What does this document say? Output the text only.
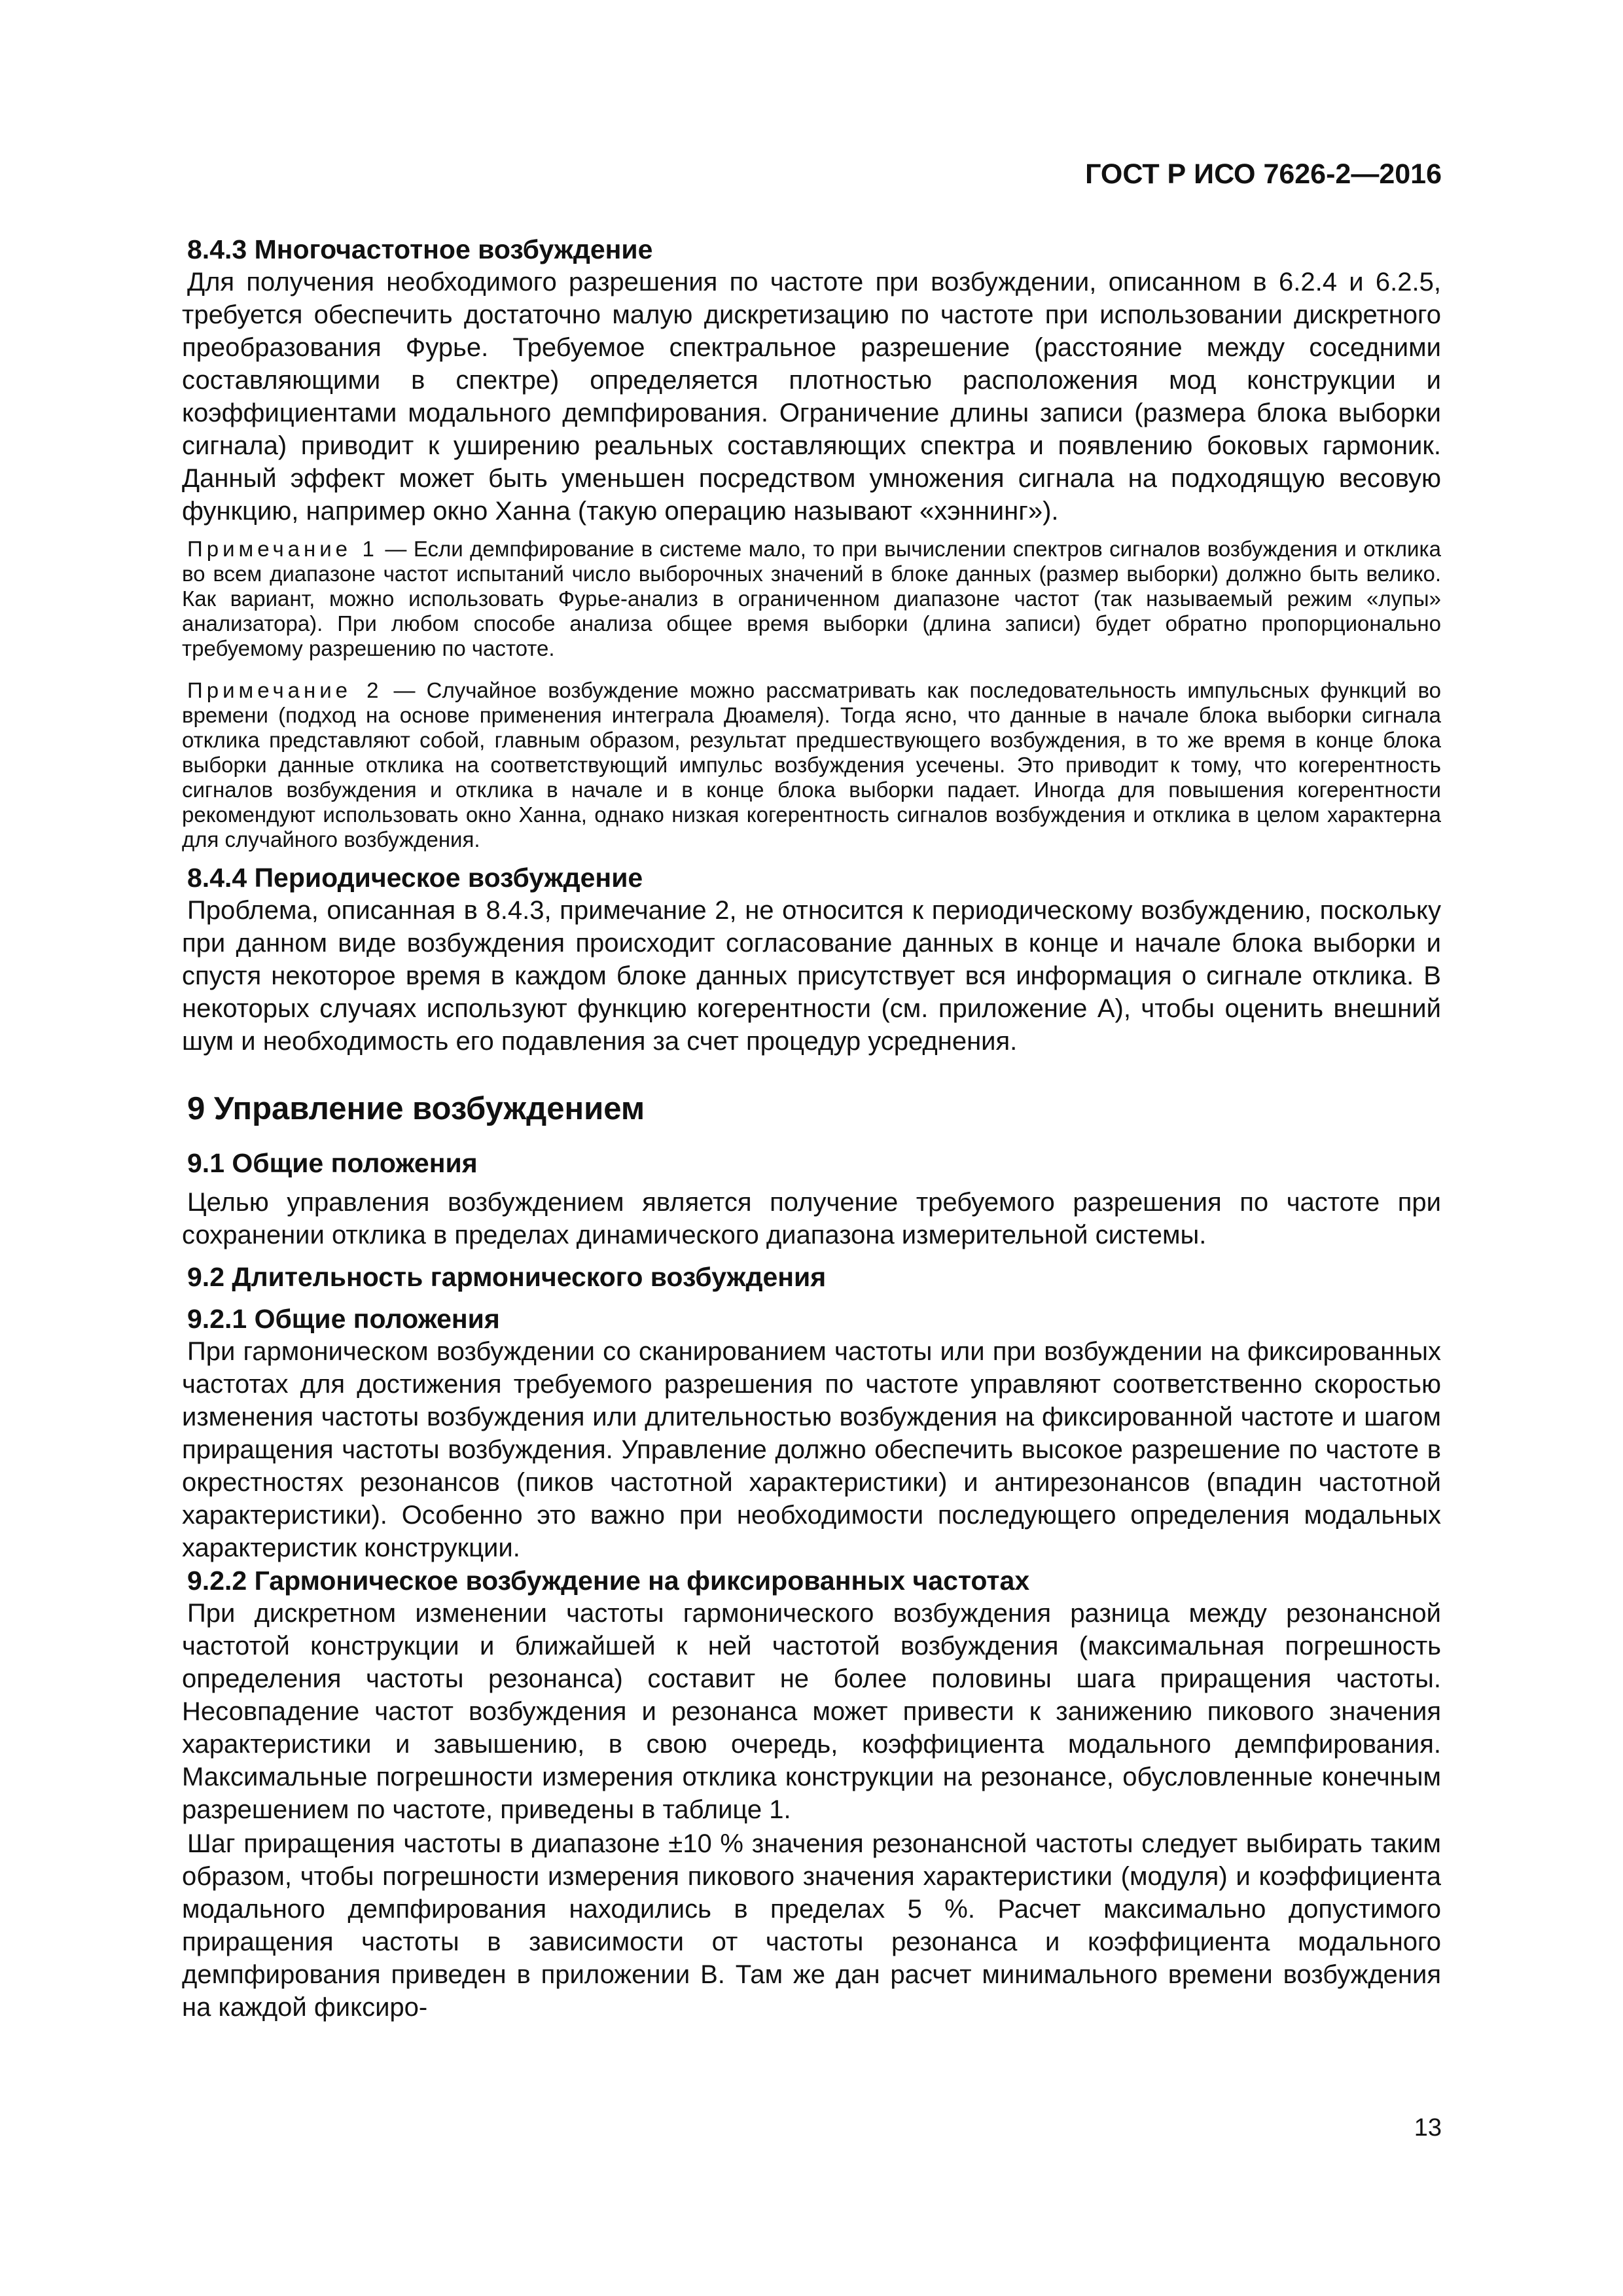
ГОСТ Р ИСО 7626-2—2016
8.4.3 Многочастотное возбуждение

Для получения необходимого разрешения по частоте при возбуждении, описанном в 6.2.4 и 6.2.5, требуется обеспечить достаточно малую дискретизацию по частоте при использовании дискретного преобразования Фурье. Требуемое спектральное разрешение (расстояние между соседними составляющими в спектре) определяется плотностью расположения мод конструкции и коэффициентами модального демпфирования. Ограничение длины записи (размера блока выборки сигнала) приводит к уширению реальных составляющих спектра и появлению боковых гармоник. Данный эффект может быть уменьшен посредством умножения сигнала на подходящую весовую функцию, например окно Ханна (такую операцию называют «хэннинг»).

Примечание 1 — Если демпфирование в системе мало, то при вычислении спектров сигналов возбуждения и отклика во всем диапазоне частот испытаний число выборочных значений в блоке данных (размер выборки) должно быть велико. Как вариант, можно использовать Фурье-анализ в ограниченном диапазоне частот (так называемый режим «лупы» анализатора). При любом способе анализа общее время выборки (длина записи) будет обратно пропорционально требуемому разрешению по частоте.
Примечание 2 — Случайное возбуждение можно рассматривать как последовательность импульсных функций во времени (подход на основе применения интеграла Дюамеля). Тогда ясно, что данные в начале блока выборки сигнала отклика представляют собой, главным образом, результат предшествующего возбуждения, в то же время в конце блока выборки данные отклика на соответствующий импульс возбуждения усечены. Это приводит к тому, что когерентность сигналов возбуждения и отклика в начале и в конце блока выборки падает. Иногда для повышения когерентности рекомендуют использовать окно Ханна, однако низкая когерентность сигналов возбуждения и отклика в целом характерна для случайного возбуждения.
8.4.4 Периодическое возбуждение

Проблема, описанная в 8.4.3, примечание 2, не относится к периодическому возбуждению, поскольку при данном виде возбуждения происходит согласование данных в конце и начале блока выборки и спустя некоторое время в каждом блоке данных присутствует вся информация о сигнале отклика. В некоторых случаях используют функцию когерентности (см. приложение А), чтобы оценить внешний шум и необходимость его подавления за счет процедур усреднения.

9 Управление возбуждением
9.1 Общие положения

Целью управления возбуждением является получение требуемого разрешения по частоте при сохранении отклика в пределах динамического диапазона измерительной системы.

9.2 Длительность гармонического возбуждения
9.2.1 Общие положения

При гармоническом возбуждении со сканированием частоты или при возбуждении на фиксированных частотах для достижения требуемого разрешения по частоте управляют соответственно скоростью изменения частоты возбуждения или длительностью возбуждения на фиксированной частоте и шагом приращения частоты возбуждения. Управление должно обеспечить высокое разрешение по частоте в окрестностях резонансов (пиков частотной характеристики) и антирезонансов (впадин частотной характеристики). Особенно это важно при необходимости последующего определения модальных характеристик конструкции.

9.2.2 Гармоническое возбуждение на фиксированных частотах

При дискретном изменении частоты гармонического возбуждения разница между резонансной частотой конструкции и ближайшей к ней частотой возбуждения (максимальная погрешность определения частоты резонанса) составит не более половины шага приращения частоты. Несовпадение частот возбуждения и резонанса может привести к занижению пикового значения характеристики и завышению, в свою очередь, коэффициента модального демпфирования. Максимальные погрешности измерения отклика конструкции на резонансе, обусловленные конечным разрешением по частоте, приведены в таблице 1.

Шаг приращения частоты в диапазоне ±10 % значения резонансной частоты следует выбирать таким образом, чтобы погрешности измерения пикового значения характеристики (модуля) и коэффициента модального демпфирования находились в пределах 5 %. Расчет максимально допустимого приращения частоты в зависимости от частоты резонанса и коэффициента модального демпфирования приведен в приложении В. Там же дан расчет минимального времени возбуждения на каждой фиксиро-

13
